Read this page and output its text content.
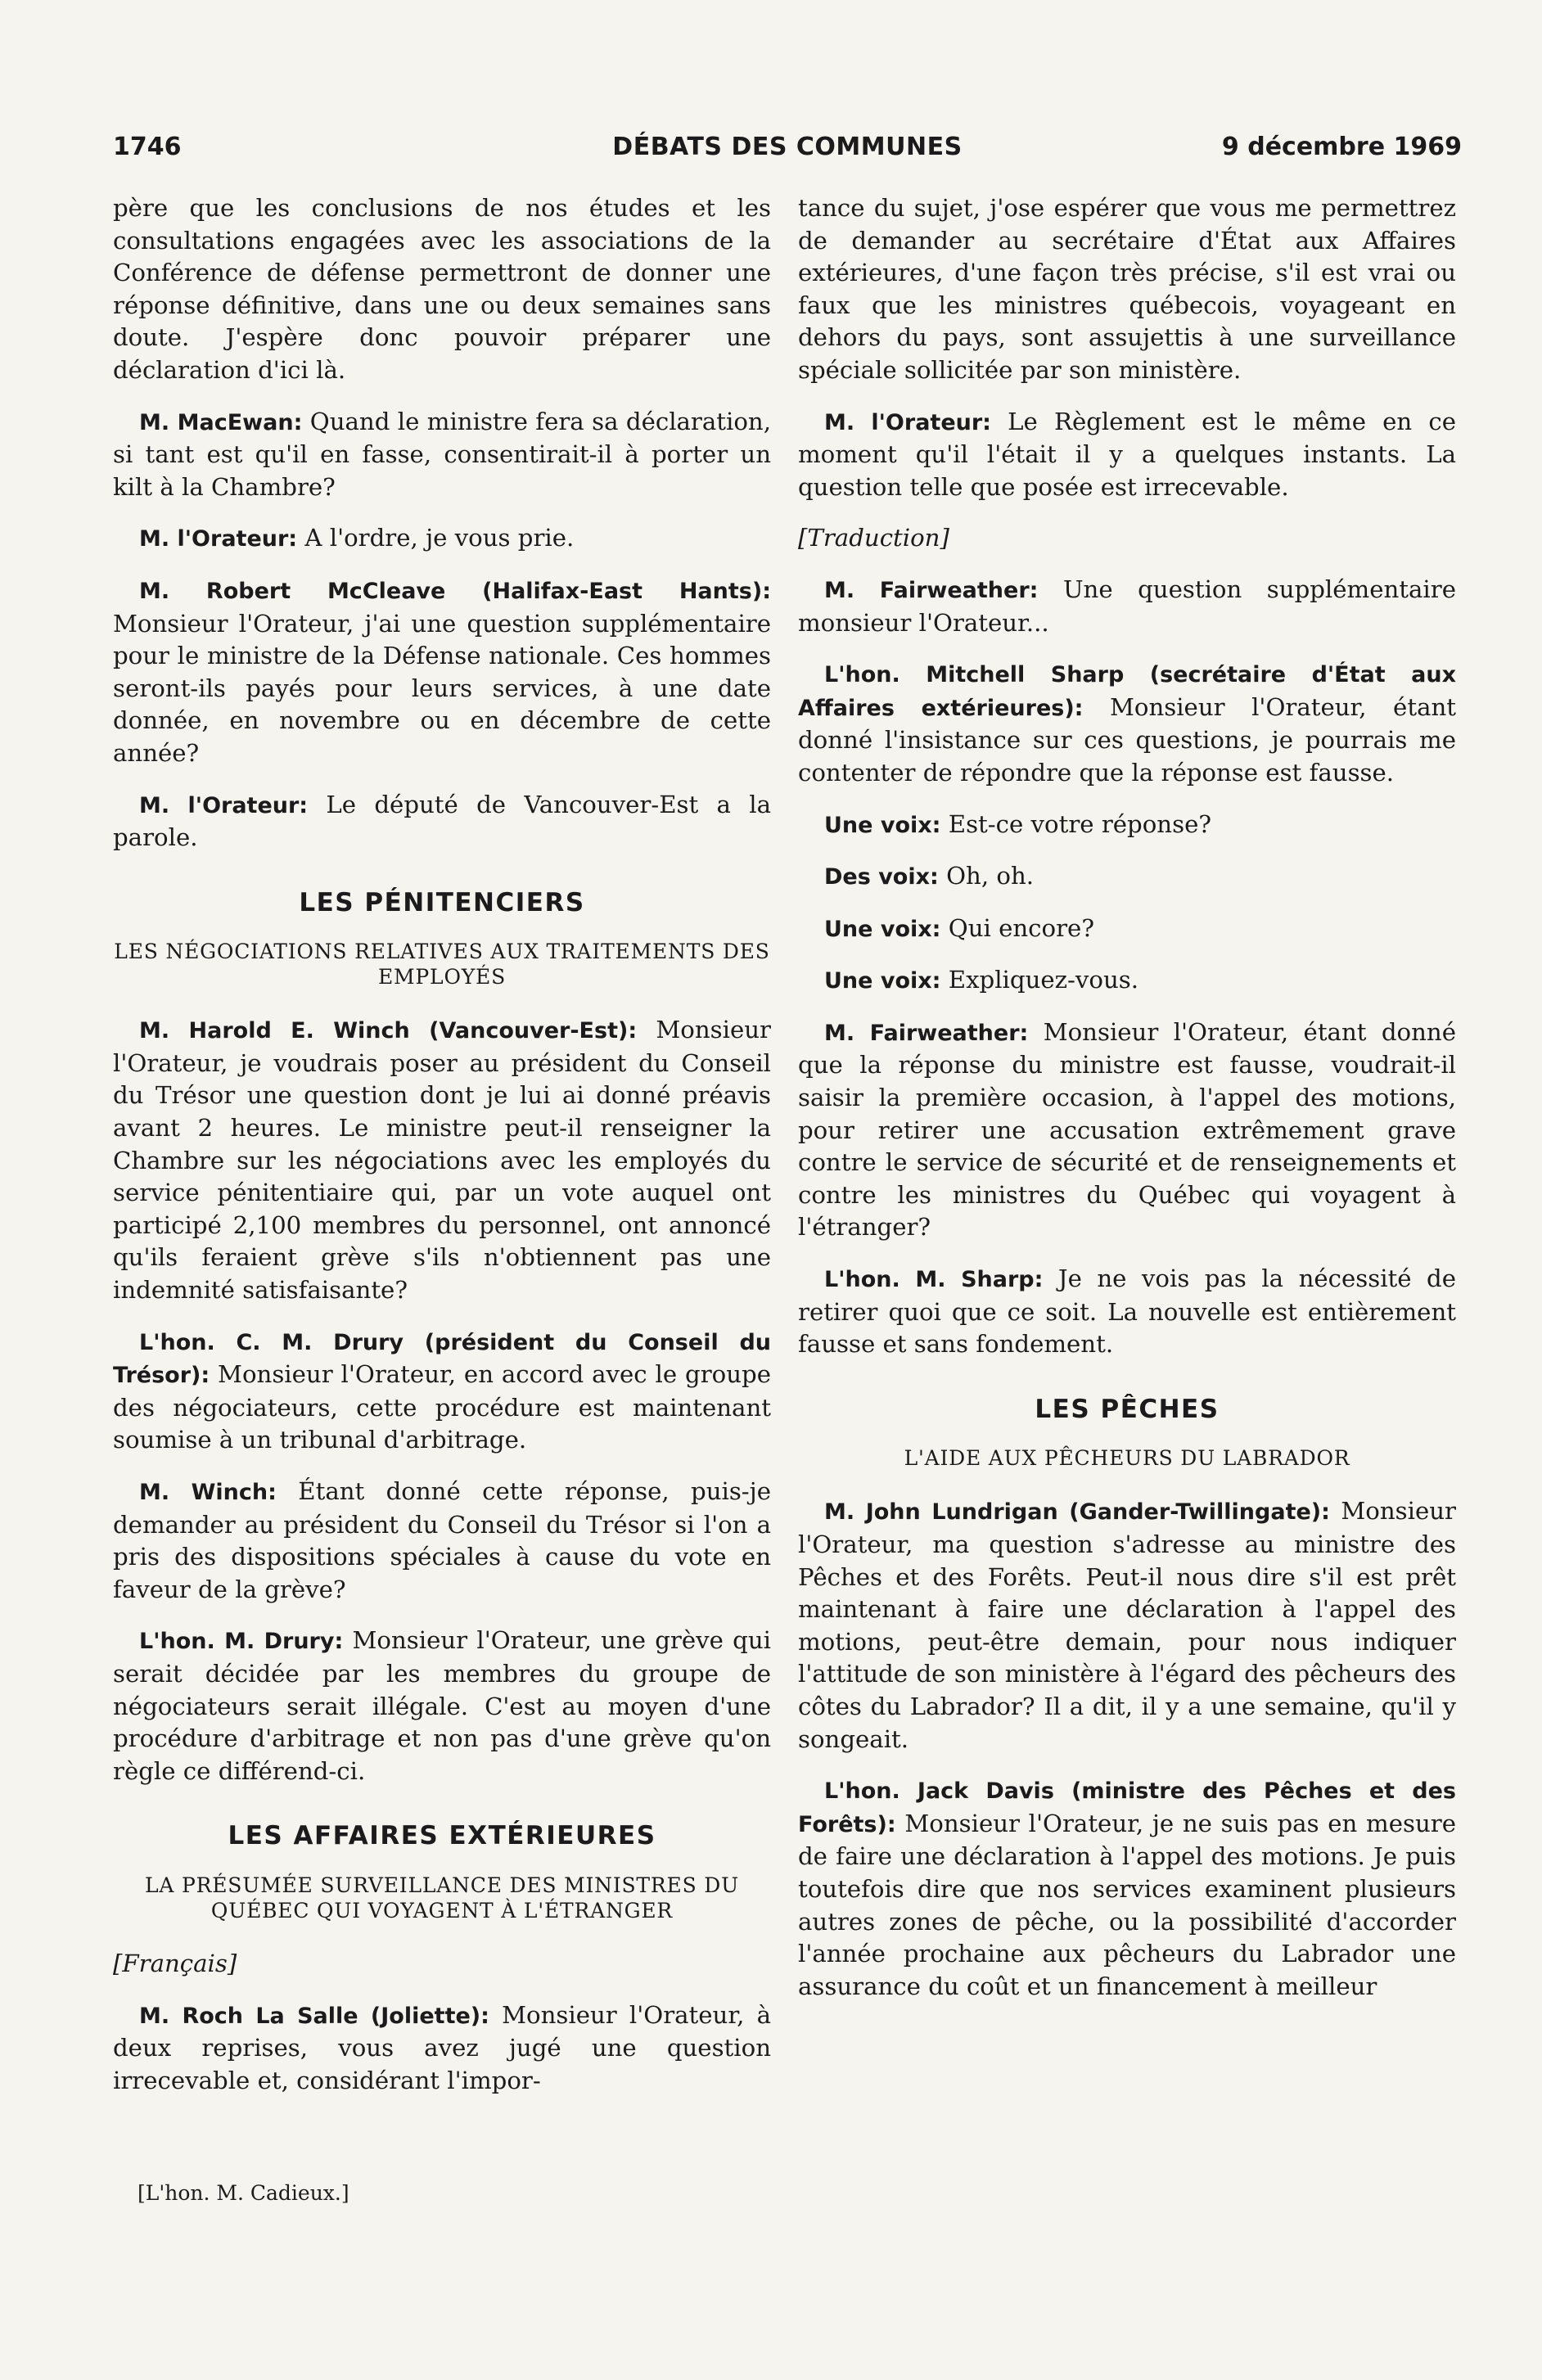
1746	DÉBATS DES COMMUNES	9 décembre 1969

père que les conclusions de nos études et les consultations engagées avec les associations de la Conférence de défense permettront de donner une réponse définitive, dans une ou deux semaines sans doute. J'espère donc pouvoir préparer une déclaration d'ici là.

M. MacEwan: Quand le ministre fera sa déclaration, si tant est qu'il en fasse, consentirait-il à porter un kilt à la Chambre?

M. l'Orateur: A l'ordre, je vous prie.

M. Robert McCleave (Halifax-East Hants): Monsieur l'Orateur, j'ai une question supplémentaire pour le ministre de la Défense nationale. Ces hommes seront-ils payés pour leurs services, à une date donnée, en novembre ou en décembre de cette année?

M. l'Orateur: Le député de Vancouver-Est a la parole.

LES PÉNITENCIERS
LES NÉGOCIATIONS RELATIVES AUX TRAITEMENTS DES EMPLOYÉS

M. Harold E. Winch (Vancouver-Est): Monsieur l'Orateur, je voudrais poser au président du Conseil du Trésor une question dont je lui ai donné préavis avant 2 heures. Le ministre peut-il renseigner la Chambre sur les négociations avec les employés du service pénitentiaire qui, par un vote auquel ont participé 2,100 membres du personnel, ont annoncé qu'ils feraient grève s'ils n'obtiennent pas une indemnité satisfaisante?

L'hon. C. M. Drury (président du Conseil du Trésor): Monsieur l'Orateur, en accord avec le groupe des négociateurs, cette procédure est maintenant soumise à un tribunal d'arbitrage.

M. Winch: Étant donné cette réponse, puis-je demander au président du Conseil du Trésor si l'on a pris des dispositions spéciales à cause du vote en faveur de la grève?

L'hon. M. Drury: Monsieur l'Orateur, une grève qui serait décidée par les membres du groupe de négociateurs serait illégale. C'est au moyen d'une procédure d'arbitrage et non pas d'une grève qu'on règle ce différend-ci.

LES AFFAIRES EXTÉRIEURES
LA PRÉSUMÉE SURVEILLANCE DES MINISTRES DU QUÉBEC QUI VOYAGENT À L'ÉTRANGER

[Français]

M. Roch La Salle (Joliette): Monsieur l'Orateur, à deux reprises, vous avez jugé une question irrecevable et, considérant l'impor-

[L'hon. M. Cadieux.]

tance du sujet, j'ose espérer que vous me permettrez de demander au secrétaire d'État aux Affaires extérieures, d'une façon très précise, s'il est vrai ou faux que les ministres québecois, voyageant en dehors du pays, sont assujettis à une surveillance spéciale sollicitée par son ministère.

M. l'Orateur: Le Règlement est le même en ce moment qu'il l'était il y a quelques instants. La question telle que posée est irrecevable.

[Traduction]

M. Fairweather: Une question supplémentaire monsieur l'Orateur...

L'hon. Mitchell Sharp (secrétaire d'État aux Affaires extérieures): Monsieur l'Orateur, étant donné l'insistance sur ces questions, je pourrais me contenter de répondre que la réponse est fausse.

Une voix: Est-ce votre réponse?

Des voix: Oh, oh.

Une voix: Qui encore?

Une voix: Expliquez-vous.

M. Fairweather: Monsieur l'Orateur, étant donné que la réponse du ministre est fausse, voudrait-il saisir la première occasion, à l'appel des motions, pour retirer une accusation extrêmement grave contre le service de sécurité et de renseignements et contre les ministres du Québec qui voyagent à l'étranger?

L'hon. M. Sharp: Je ne vois pas la nécessité de retirer quoi que ce soit. La nouvelle est entièrement fausse et sans fondement.

LES PÊCHES
L'AIDE AUX PÊCHEURS DU LABRADOR

M. John Lundrigan (Gander-Twillingate): Monsieur l'Orateur, ma question s'adresse au ministre des Pêches et des Forêts. Peut-il nous dire s'il est prêt maintenant à faire une déclaration à l'appel des motions, peut-être demain, pour nous indiquer l'attitude de son ministère à l'égard des pêcheurs des côtes du Labrador? Il a dit, il y a une semaine, qu'il y songeait.

L'hon. Jack Davis (ministre des Pêches et des Forêts): Monsieur l'Orateur, je ne suis pas en mesure de faire une déclaration à l'appel des motions. Je puis toutefois dire que nos services examinent plusieurs autres zones de pêche, ou la possibilité d'accorder l'année prochaine aux pêcheurs du Labrador une assurance du coût et un financement à meilleur
